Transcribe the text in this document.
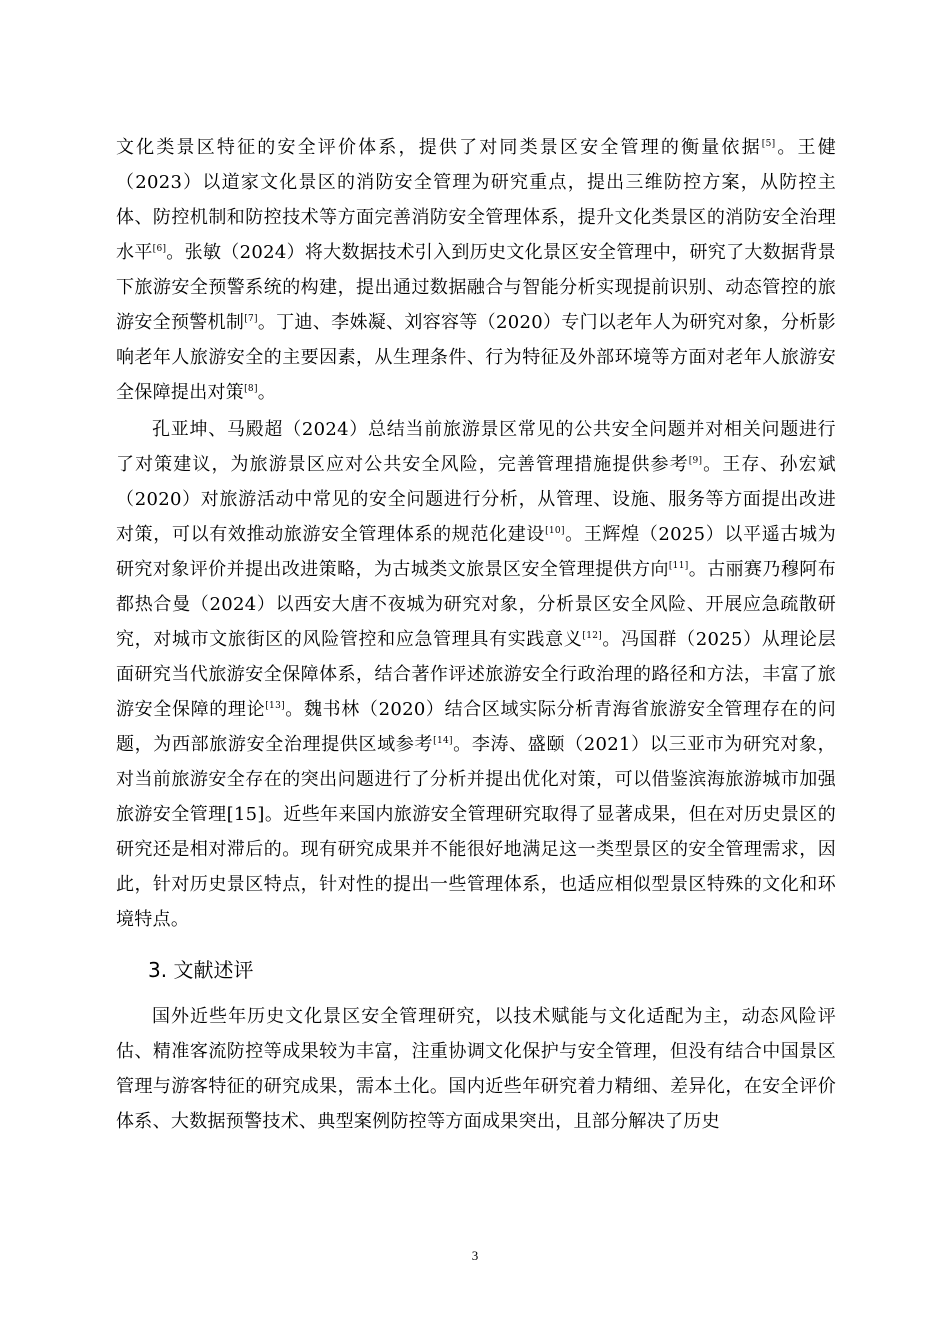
文化类景区特征的安全评价体系，提供了对同类景区安全管理的衡量依据[5]。王健（2023）以道家文化景区的消防安全管理为研究重点，提出三维防控方案，从防控主体、防控机制和防控技术等方面完善消防安全管理体系，提升文化类景区的消防安全治理水平[6]。张敏（2024）将大数据技术引入到历史文化景区安全管理中，研究了大数据背景下旅游安全预警系统的构建，提出通过数据融合与智能分析实现提前识别、动态管控的旅游安全预警机制[7]。丁迪、李姝凝、刘容容等（2020）专门以老年人为研究对象，分析影响老年人旅游安全的主要因素，从生理条件、行为特征及外部环境等方面对老年人旅游安全保障提出对策[8]。

孔亚坤、马殿超（2024）总结当前旅游景区常见的公共安全问题并对相关问题进行了对策建议，为旅游景区应对公共安全风险，完善管理措施提供参考[9]。王存、孙宏斌（2020）对旅游活动中常见的安全问题进行分析，从管理、设施、服务等方面提出改进对策，可以有效推动旅游安全管理体系的规范化建设[10]。王辉煌（2025）以平遥古城为研究对象评价并提出改进策略，为古城类文旅景区安全管理提供方向[11]。古丽赛乃穆阿布都热合曼（2024）以西安大唐不夜城为研究对象，分析景区安全风险、开展应急疏散研究，对城市文旅街区的风险管控和应急管理具有实践意义[12]。冯国群（2025）从理论层面研究当代旅游安全保障体系，结合著作评述旅游安全行政治理的路径和方法，丰富了旅游安全保障的理论[13]。魏书林（2020）结合区域实际分析青海省旅游安全管理存在的问题，为西部旅游安全治理提供区域参考[14]。李涛、盛颐（2021）以三亚市为研究对象，对当前旅游安全存在的突出问题进行了分析并提出优化对策，可以借鉴滨海旅游城市加强旅游安全管理[15]。近些年来国内旅游安全管理研究取得了显著成果，但在对历史景区的研究还是相对滞后的。现有研究成果并不能很好地满足这一类型景区的安全管理需求，因此，针对历史景区特点，针对性的提出一些管理体系，也适应相似型景区特殊的文化和环境特点。

3. 文献述评

国外近些年历史文化景区安全管理研究，以技术赋能与文化适配为主，动态风险评估、精准客流防控等成果较为丰富，注重协调文化保护与安全管理，但没有结合中国景区管理与游客特征的研究成果，需本土化。国内近些年研究着力精细、差异化，在安全评价体系、大数据预警技术、典型案例防控等方面成果突出，且部分解决了历史

3
